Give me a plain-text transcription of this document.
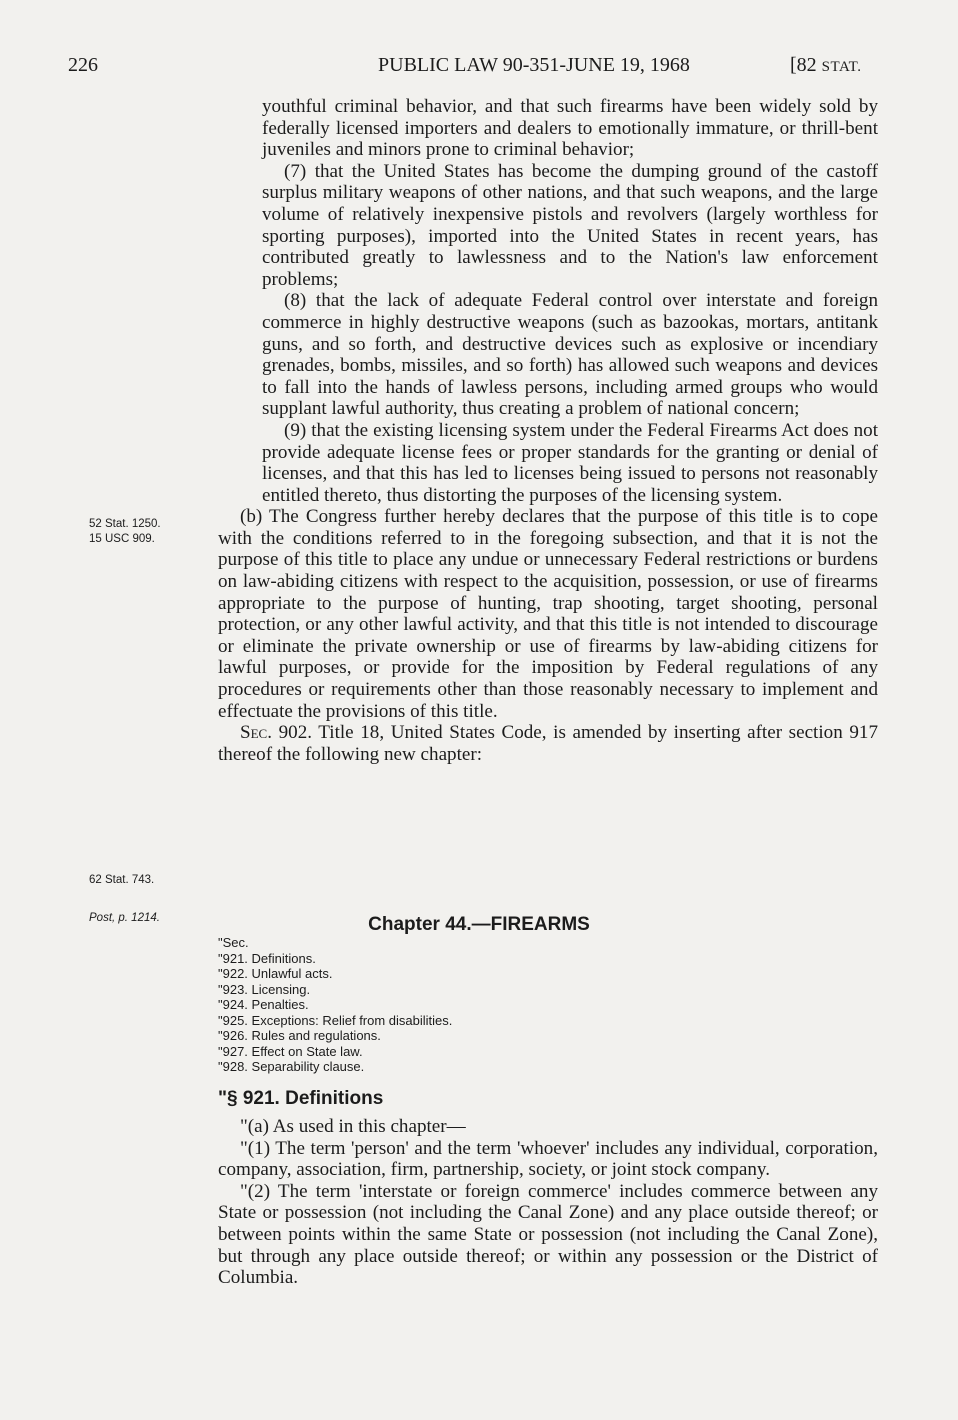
226	PUBLIC LAW 90-351-JUNE 19, 1968	[82 STAT.
52 Stat. 1250.
15 USC 909.
62 Stat. 743.
Post, p. 1214.

youthful criminal behavior, and that such firearms have been widely sold by federally licensed importers and dealers to emotionally immature, or thrill-bent juveniles and minors prone to criminal behavior;

(7) that the United States has become the dumping ground of the castoff surplus military weapons of other nations, and that such weapons, and the large volume of relatively inexpensive pistols and revolvers (largely worthless for sporting purposes), imported into the United States in recent years, has contributed greatly to lawlessness and to the Nation's law enforcement problems;

(8) that the lack of adequate Federal control over interstate and foreign commerce in highly destructive weapons (such as bazookas, mortars, antitank guns, and so forth, and destructive devices such as explosive or incendiary grenades, bombs, missiles, and so forth) has allowed such weapons and devices to fall into the hands of lawless persons, including armed groups who would supplant lawful authority, thus creating a problem of national concern;

(9) that the existing licensing system under the Federal Firearms Act does not provide adequate license fees or proper standards for the granting or denial of licenses, and that this has led to licenses being issued to persons not reasonably entitled thereto, thus distorting the purposes of the licensing system.

(b) The Congress further hereby declares that the purpose of this title is to cope with the conditions referred to in the foregoing subsection, and that it is not the purpose of this title to place any undue or unnecessary Federal restrictions or burdens on law-abiding citizens with respect to the acquisition, possession, or use of firearms appropriate to the purpose of hunting, trap shooting, target shooting, personal protection, or any other lawful activity, and that this title is not intended to discourage or eliminate the private ownership or use of firearms by law-abiding citizens for lawful purposes, or provide for the imposition by Federal regulations of any procedures or requirements other than those reasonably necessary to implement and effectuate the provisions of this title.

Sec. 902. Title 18, United States Code, is amended by inserting after section 917 thereof the following new chapter:

Chapter 44.—FIREARMS
"Sec.
"921. Definitions.
"922. Unlawful acts.
"923. Licensing.
"924. Penalties.
"925. Exceptions: Relief from disabilities.
"926. Rules and regulations.
"927. Effect on State law.
"928. Separability clause.
"§ 921. Definitions

"(a) As used in this chapter—

"(1) The term 'person' and the term 'whoever' includes any individual, corporation, company, association, firm, partnership, society, or joint stock company.

"(2) The term 'interstate or foreign commerce' includes commerce between any State or possession (not including the Canal Zone) and any place outside thereof; or between points within the same State or possession (not including the Canal Zone), but through any place outside thereof; or within any possession or the District of Columbia.
